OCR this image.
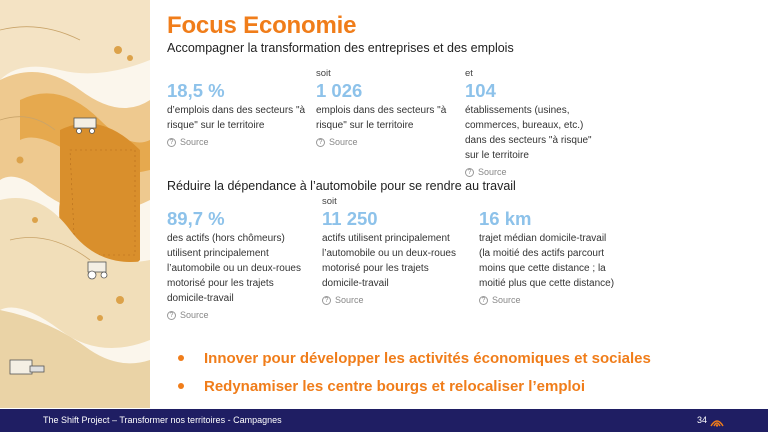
Focus Economie
Accompagner la transformation des entreprises et des emplois
18,5 %
d’emplois dans des secteurs "à risque" sur le territoire
? Source
soit
1 026
emplois dans des secteurs "à risque" sur le territoire
? Source
et
104
établissements (usines, commerces, bureaux, etc.) dans des secteurs "à risque" sur le territoire
? Source
Réduire la dépendance à l’automobile pour se rendre au travail
89,7 %
des actifs (hors chômeurs) utilisent principalement l’automobile ou un deux-roues motorisé pour les trajets domicile-travail
? Source
soit
11 250
actifs utilisent principalement l’automobile ou un deux-roues motorisé pour les trajets domicile-travail
? Source
16 km
trajet médian domicile-travail (la moitié des actifs parcourt moins que cette distance ; la moitié plus que cette distance)
? Source
Innover pour développer les activités économiques et sociales
Redynamiser les centre bourgs et relocaliser l’emploi
The Shift Project – Transformer nos territoires - Campagnes	34
